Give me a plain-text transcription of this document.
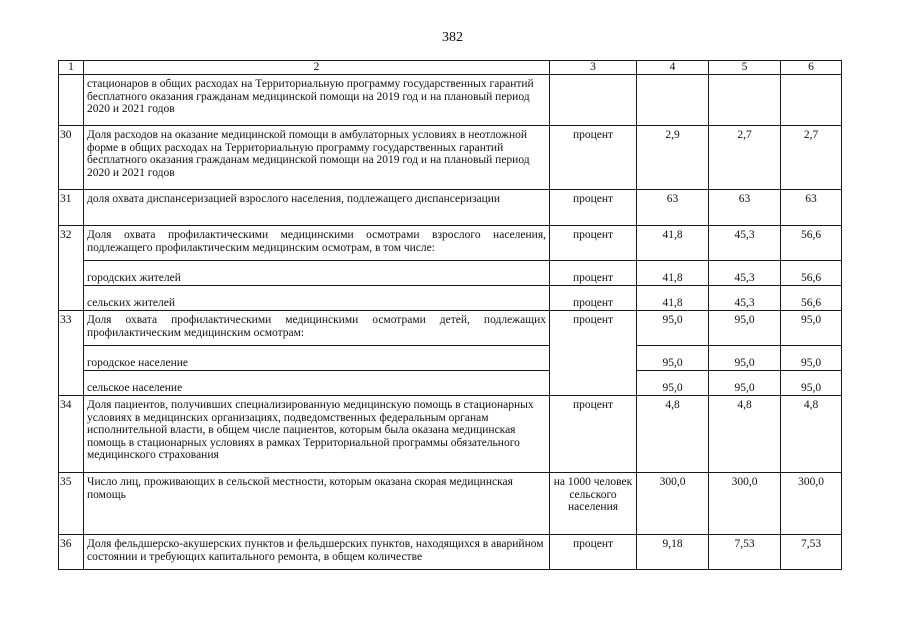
382
1	2	3	4	5	6
	стационаров в общих расходах на Территориальную программу государственных гарантий бесплатного оказания гражданам медицинской помощи на 2019 год и на плановый период 2020 и 2021 годов				
30	Доля расходов на оказание медицинской помощи в амбулаторных условиях в неотложной форме в общих расходах на Территориальную программу государственных гарантий бесплатного оказания гражданам медицинской помощи на 2019 год и на плановый период 2020 и 2021 годов	процент	2,9	2,7	2,7
31	доля охвата диспансеризацией взрослого населения, подлежащего диспансеризации	процент	63	63	63
32	Доля охвата профилактическими медицинскими осмотрами взрослого населения, подлежащего профилактическим медицинским осмотрам, в том числе:	процент	41,8	45,3	56,6
	городских жителей	процент	41,8	45,3	56,6
	сельских жителей	процент	41,8	45,3	56,6
33	Доля охвата профилактическими медицинскими осмотрами детей, подлежащих профилактическим медицинским осмотрам:	процент	95,0	95,0	95,0
	городское население		95,0	95,0	95,0
	сельское население		95,0	95,0	95,0
34	Доля пациентов, получивших специализированную медицинскую помощь в стационарных условиях в медицинских организациях, подведомственных федеральным органам исполнительной власти, в общем числе пациентов, которым была оказана медицинская помощь в стационарных условиях в рамках Территориальной программы обязательного медицинского страхования	процент	4,8	4,8	4,8
35	Число лиц, проживающих в сельской местности, которым оказана скорая медицинская помощь	на 1000 человек сельского населения	300,0	300,0	300,0
36	Доля фельдшерско-акушерских пунктов и фельдшерских пунктов, находящихся в аварийном состоянии и требующих капитального ремонта, в общем количестве	процент	9,18	7,53	7,53
